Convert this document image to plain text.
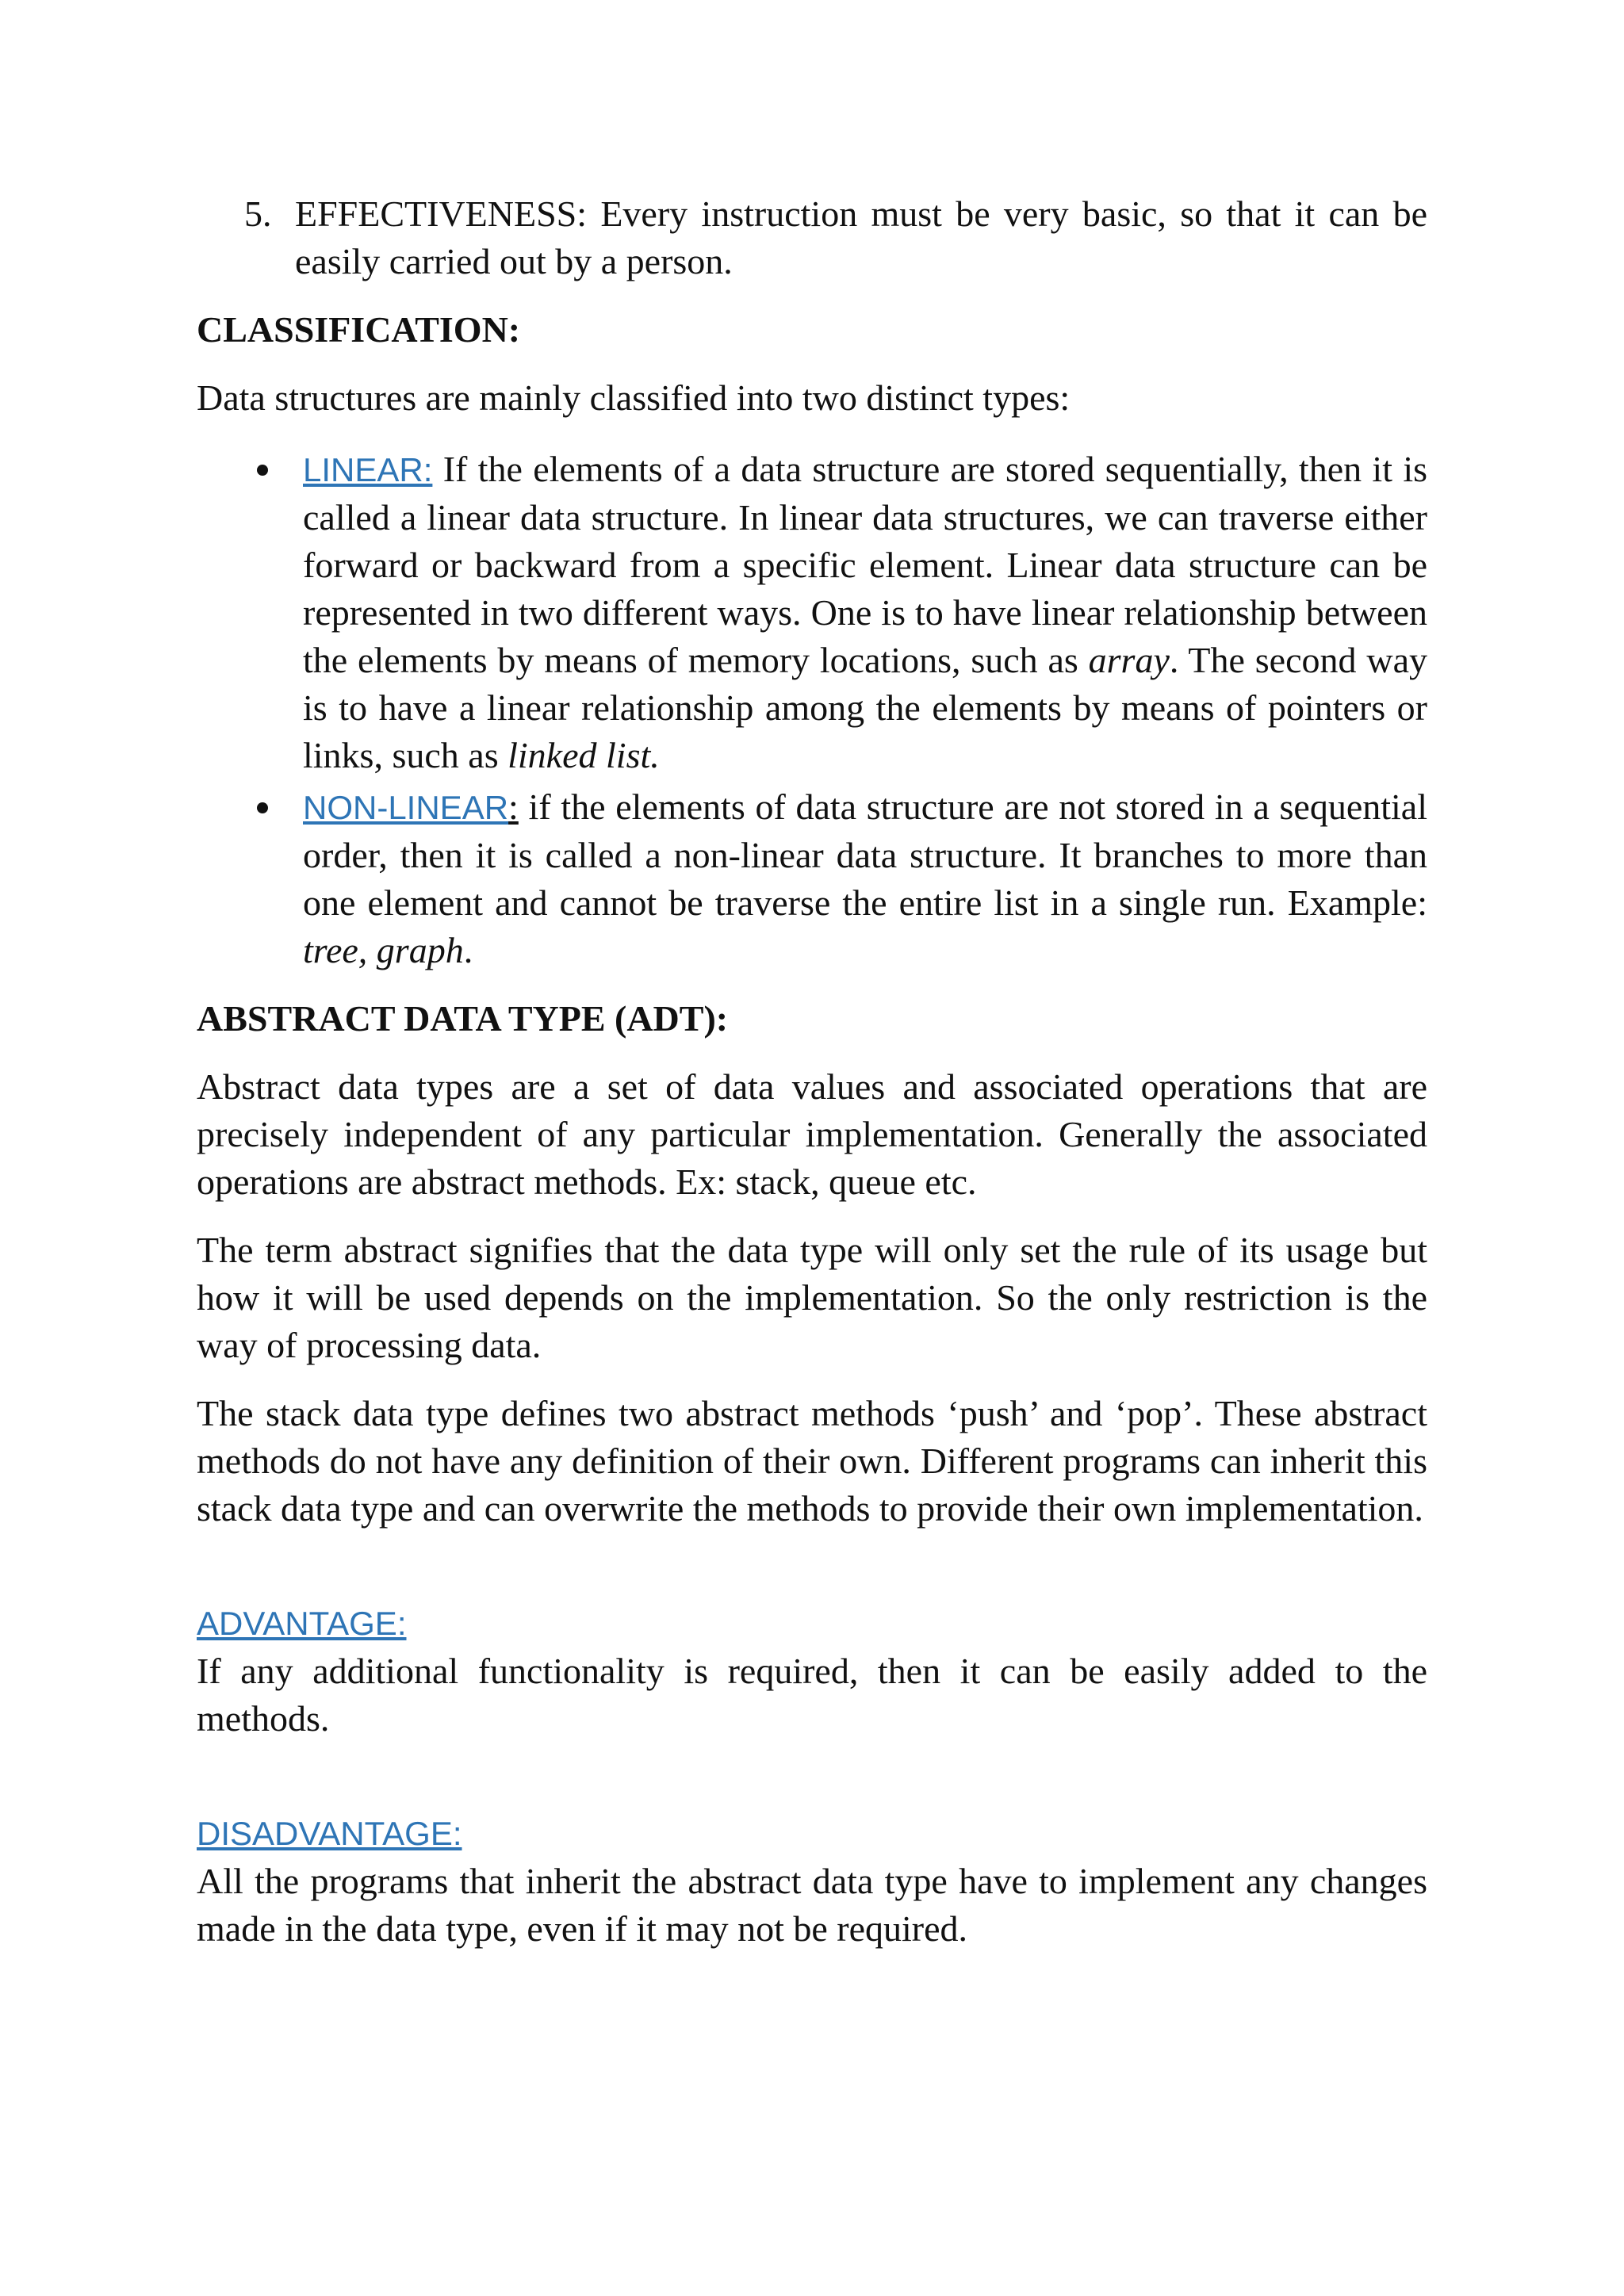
5. EFFECTIVENESS: Every instruction must be very basic, so that it can be easily carried out by a person.

CLASSIFICATION:

Data structures are mainly classified into two distinct types:

LINEAR: If the elements of a data structure are stored sequentially, then it is called a linear data structure. In linear data structures, we can traverse either forward or backward from a specific element. Linear data structure can be represented in two different ways. One is to have linear relationship between the elements by means of memory locations, such as array. The second way is to have a linear relationship among the elements by means of pointers or links, such as linked list.
NON-LINEAR: if the elements of data structure are not stored in a sequential order, then it is called a non-linear data structure. It branches to more than one element and cannot be traverse the entire list in a single run. Example: tree, graph.

ABSTRACT DATA TYPE (ADT):

Abstract data types are a set of data values and associated operations that are precisely independent of any particular implementation. Generally the associated operations are abstract methods. Ex: stack, queue etc.

The term abstract signifies that the data type will only set the rule of its usage but how it will be used depends on the implementation. So the only restriction is the way of processing data.

The stack data type defines two abstract methods ‘push’ and ‘pop’. These abstract methods do not have any definition of their own. Different programs can inherit this stack data type and can overwrite the methods to provide their own implementation.

ADVANTAGE:

If any additional functionality is required, then it can be easily added to the methods.

DISADVANTAGE:

All the programs that inherit the abstract data type have to implement any changes made in the data type, even if it may not be required.
